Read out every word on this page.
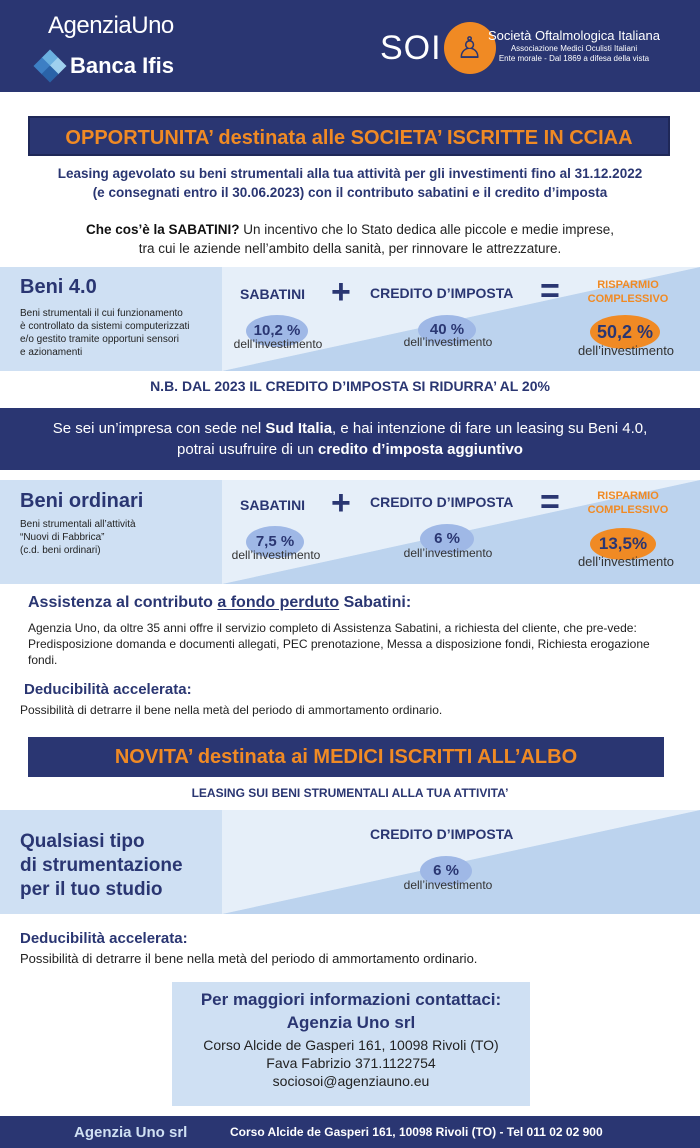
AgenziaUno
Banca Ifis	SOI ♙ Società Oftalmologica Italiana
Associazione Medici Oculisti Italiani
Ente morale - Dal 1869 a difesa della vista
OPPORTUNITA’ destinata alle SOCIETA’ ISCRITTE IN CCIAA
Leasing agevolato su beni strumentali alla tua attività per gli investimenti fino al 31.12.2022
(e consegnati entro il 30.06.2023) con il contributo sabatini e il credito d’imposta
Che cos’è la SABATINI? Un incentivo che lo Stato dedica alle piccole e medie imprese,
tra cui le aziende nell’ambito della sanità, per rinnovare le attrezzature.
Beni 4.0
Beni strumentali il cui funzionamento
è controllato da sistemi computerizzati
e/o gestito tramite opportuni sensori
e azionamenti
SABATINI + CREDITO D’IMPOSTA =	RISPARMIO
COMPLESSIVO
10,2 %
dell’investimento
40 %
dell’investimento	50,2 %
dell’investimento
N.B. DAL 2023 IL CREDITO D’IMPOSTA SI RIDURRA’ AL 20%
Se sei un’impresa con sede nel Sud Italia, e hai intenzione di fare un leasing su Beni 4.0,
potrai usufruire di un credito d’imposta aggiuntivo
Beni ordinari
Beni strumentali all’attività
“Nuovi di Fabbrica”
(c.d. beni ordinari)
SABATINI + CREDITO D’IMPOSTA =	RISPARMIO
COMPLESSIVO
7,5 %
dell’investimento
6 %
dell’investimento	13,5%
dell’investimento
Assistenza al contributo a fondo perduto Sabatini:
Agenzia Uno, da oltre 35 anni offre il servizio completo di Assistenza Sabatini, a richiesta del cliente, che pre-vede: Predisposizione domanda e documenti allegati, PEC prenotazione, Messa a disposizione fondi, Richiesta erogazione fondi.
Deducibilità accelerata:
Possibilità di detrarre il bene nella metà del periodo di ammortamento ordinario.
NOVITA’ destinata ai MEDICI ISCRITTI ALL’ALBO
LEASING SUI BENI STRUMENTALI ALLA TUA ATTIVITA’
Qualsiasi tipo
di strumentazione
per il tuo studio
CREDITO D’IMPOSTA
6 %
dell’investimento
Deducibilità accelerata:
Possibilità di detrarre il bene nella metà del periodo di ammortamento ordinario.
Per maggiori informazioni contattaci:
Agenzia Uno srl
Corso Alcide de Gasperi 161, 10098 Rivoli (TO)
Fava Fabrizio 371.1122754
sociosoi@agenziauno.eu
Agenzia Uno srl	Corso Alcide de Gasperi 161, 10098 Rivoli (TO) - Tel 011 02 02 900
